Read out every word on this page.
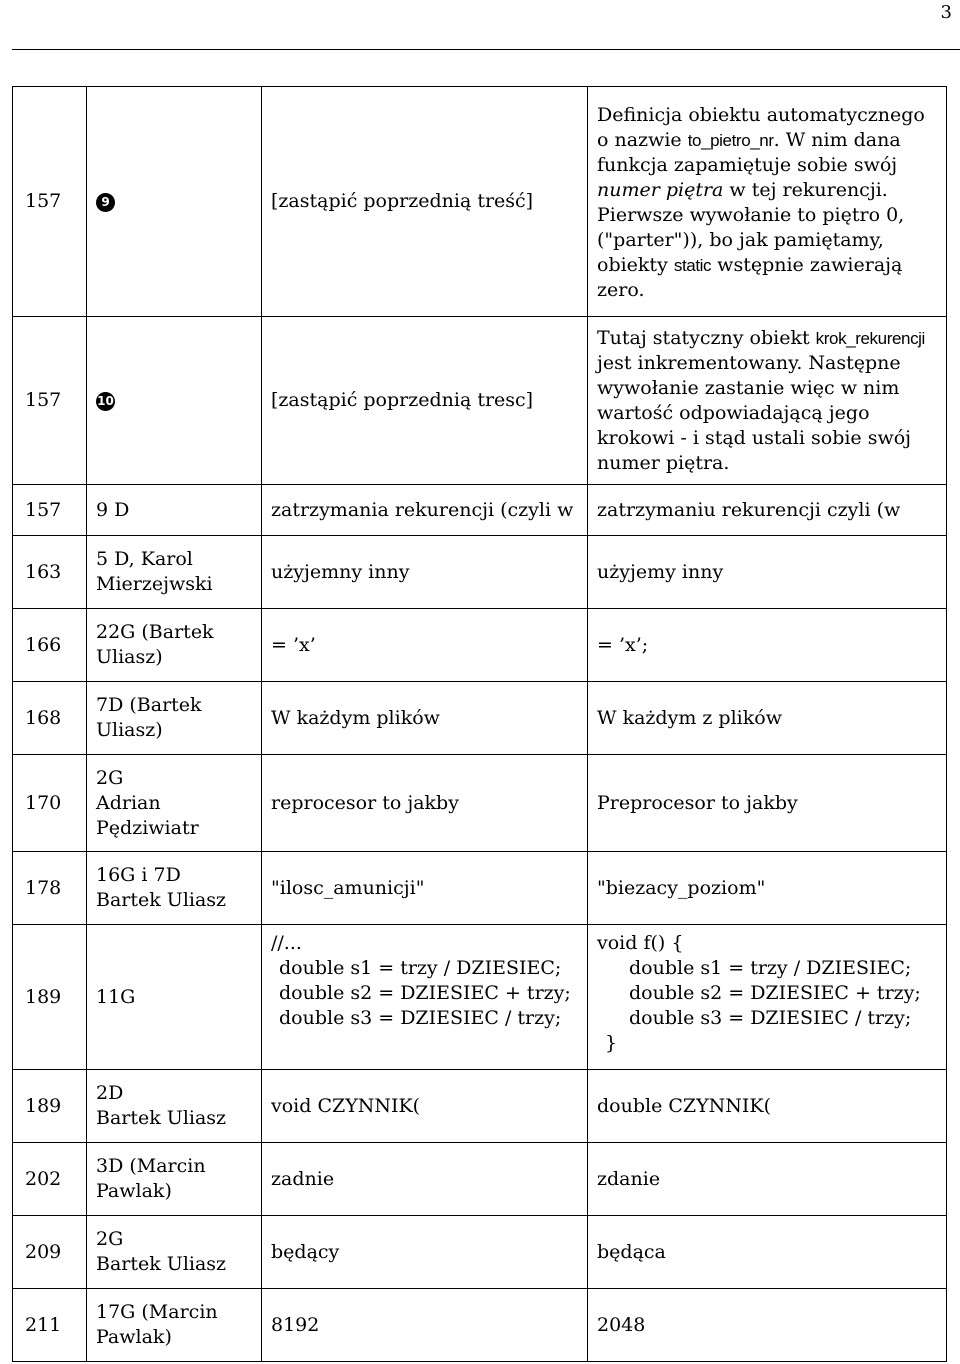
3
157	9	[zastąpić poprzednią treść]	Definicja obiektu automatycznego o nazwie to_pietro_nr. W nim dana funkcja zapamiętuje sobie swój numer piętra w tej rekurencji. Pierwsze wywołanie to piętro 0, ("parter")), bo jak pamiętamy, obiekty static wstępnie zawierają zero.
157	10	[zastąpić poprzednią tresc]	Tutaj statyczny obiekt krok_rekurencji jest inkrementowany. Następne wywołanie zastanie więc w nim wartość odpowiadającą jego krokowi - i stąd ustali sobie swój numer piętra.
157	9 D	zatrzymania rekurencji (czyli w	zatrzymaniu rekurencji czyli (w
163	5 D, Karol Mierzejwski	użyjemny inny	użyjemy inny
166	22G (Bartek Uliasz)	= ’x’	= ’x’;
168	7D (Bartek Uliasz)	W każdym plików	W każdym z plików
170	2G
Adrian
Pędziwiatr	reprocesor to jakby	Preprocesor to jakby
178	16G i 7D
Bartek Uliasz	"ilosc_amunicji"	"biezacy_poziom"
189	11G	//...
double s1 = trzy / DZIESIEC;
double s2 = DZIESIEC + trzy;
double s3 = DZIESIEC / trzy;	void f() {
double s1 = trzy / DZIESIEC;
double s2 = DZIESIEC + trzy;
double s3 = DZIESIEC / trzy;
}

189	2D
Bartek Uliasz	void CZYNNIK(	double CZYNNIK(
202	3D (Marcin Pawlak)	zadnie	zdanie
209	2G
Bartek Uliasz	będący	będąca
211	17G (Marcin Pawlak)	8192	2048
